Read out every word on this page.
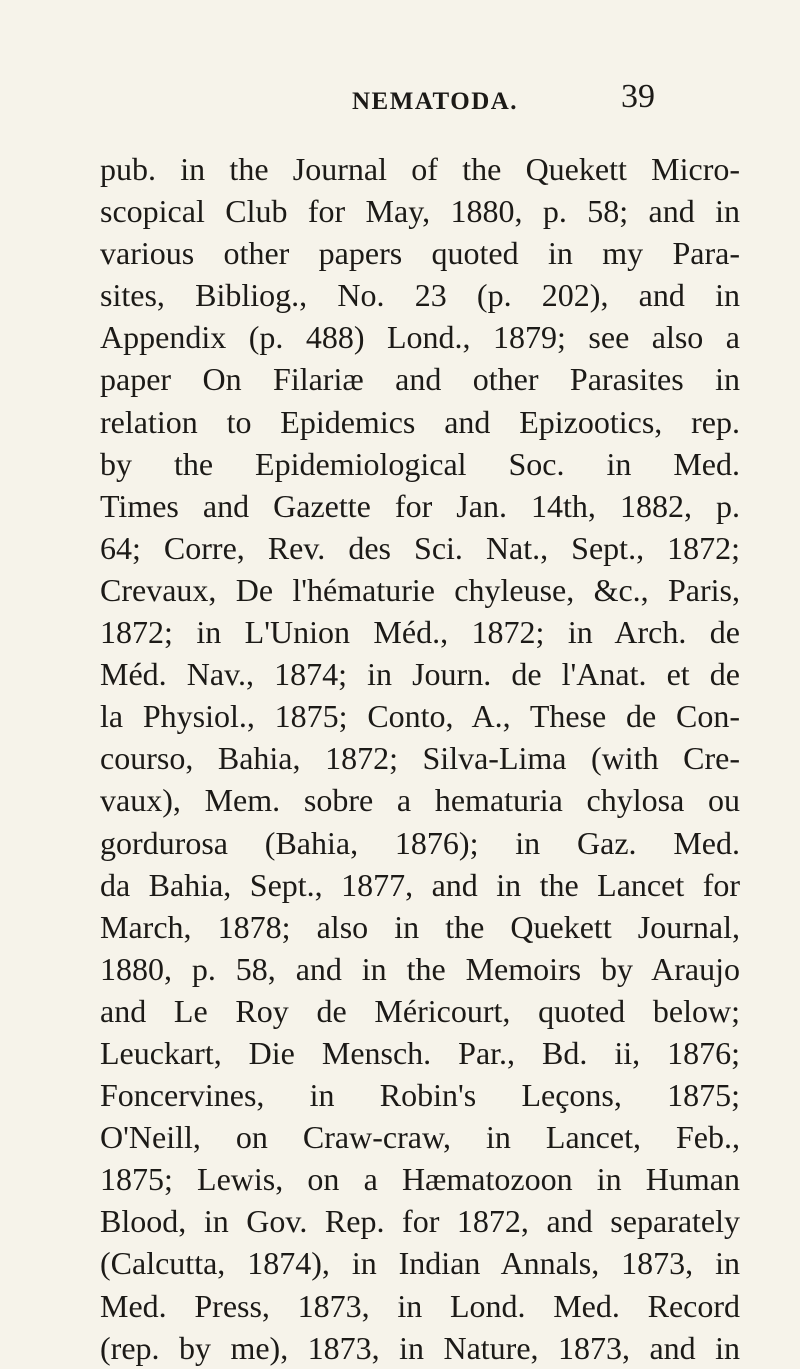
NEMATODA.	39
pub. in the Journal of the Quekett Micro-
scopical Club for May, 1880, p. 58; and in
various other papers quoted in my Para-
sites, Bibliog., No. 23 (p. 202), and in
Appendix (p. 488) Lond., 1879; see also a
paper On Filariæ and other Parasites in
relation to Epidemics and Epizootics, rep.
by the Epidemiological Soc. in Med.
Times and Gazette for Jan. 14th, 1882, p.
64; Corre, Rev. des Sci. Nat., Sept., 1872;
Crevaux, De l'hématurie chyleuse, &c., Paris,
1872; in L'Union Méd., 1872; in Arch. de
Méd. Nav., 1874; in Journ. de l'Anat. et de
la Physiol., 1875; Conto, A., These de Con-
courso, Bahia, 1872; Silva-Lima (with Cre-
vaux), Mem. sobre a hematuria chylosa ou
gordurosa (Bahia, 1876); in Gaz. Med.
da Bahia, Sept., 1877, and in the Lancet for
March, 1878; also in the Quekett Journal,
1880, p. 58, and in the Memoirs by Araujo
and Le Roy de Méricourt, quoted below;
Leuckart, Die Mensch. Par., Bd. ii, 1876;
Foncervines, in Robin's Leçons, 1875;
O'Neill, on Craw-craw, in Lancet, Feb.,
1875; Lewis, on a Hæmatozoon in Human
Blood, in Gov. Rep. for 1872, and separately
(Calcutta, 1874), in Indian Annals, 1873, in
Med. Press, 1873, in Lond. Med. Record
(rep. by me), 1873, in Nature, 1873, and in
